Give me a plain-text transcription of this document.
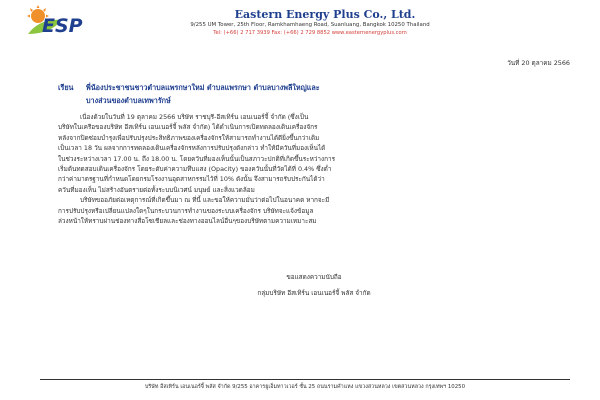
ESP
Eastern Energy Plus Co., Ltd.
9/255 UM Tower, 25th Floor, Ramkhamhaeng Road, Suanluang, Bangkok 10250 Thailand
Tel: (+66) 2 717 3939 Fax: (+66) 2 729 8852 www.easternenergyplus.com
วันที่ 20 ตุลาคม 2566
เรียน พี่น้องประชาชนชาวตำบลแพรกษาใหม่ ตำบลแพรกษา ตำบลบางพลีใหญ่และ
บางส่วนของตำบลเทพารักษ์
เนื่องด้วยในวันที่ 19 ตุลาคม 2566 บริษัท ราชบุรี-อีสเทิร์น เอนเนอร์จี้ จำกัด (ซึ่งเป็น
บริษัทในเครือของบริษัท อีสเทิร์น เอนเนอร์จี้ พลัส จำกัด) ได้ดำเนินการเปิดทดลองเดินเครื่องจักร
หลังจากปิดซ่อมบำรุงเพื่อปรับปรุงประสิทธิภาพของเครื่องจักรให้สามารถทำงานได้ดียิ่งขึ้นกว่าเดิม
เป็นเวลา 18 วัน ผลจากการทดลองเดินเครื่องจักรหลังการปรับปรุงดังกล่าว ทำให้มีควันที่มองเห็นได้
ในช่วงระหว่างเวลา 17.00 น. ถึง 18.00 น. โดยควันที่มองเห็นนั้นเป็นสภาวะปกติที่เกิดขึ้นระหว่างการ
เริ่มต้นทดสอบเดินเครื่องจักร โดยระดับค่าความทึบแสง (Opacity) ของควันนั้นที่วัดได้ที่ 0.4% ซึ่งต่ำ
กว่าค่ามาตรฐานที่กำหนดโดยกรมโรงงานอุตสาหกรรมไว้ที่ 10% ดังนั้น จึงสามารถรับประกันได้ว่า
ควันที่มองเห็น ไม่สร้างอันตรายต่อทั้งระบบนิเวศน์ มนุษย์ และสิ่งแวดล้อม
บริษัทขออภัยต่อเหตุการณ์ที่เกิดขึ้นมา ณ ที่นี้ และขอให้ความมั่นว่าต่อไปในอนาคต หากจะมี
การปรับปรุงหรือเปลี่ยนแปลงใดๆในกระบวนการทำงานของระบบเครื่องจักร บริษัทจะแจ้งข้อมูล
ล่วงหน้าให้ทราบผ่านช่องทางสื่อโซเชียลและช่องทางออนไลน์อื่นๆของบริษัทตามความเหมาะสม
ขอแสดงความนับถือ
กลุ่มบริษัท อีสเทิร์น เอนเนอร์จี้ พลัส จำกัด
บริษัท อีสเทิร์น เอนเนอร์จี้ พลัส จำกัด 9/255 อาคารยูเอ็มทาวเวอร์ ชั้น 25 ถนนรามคำแหง แขวงสวนหลวง เขตสวนหลวง กรุงเทพฯ 10250
